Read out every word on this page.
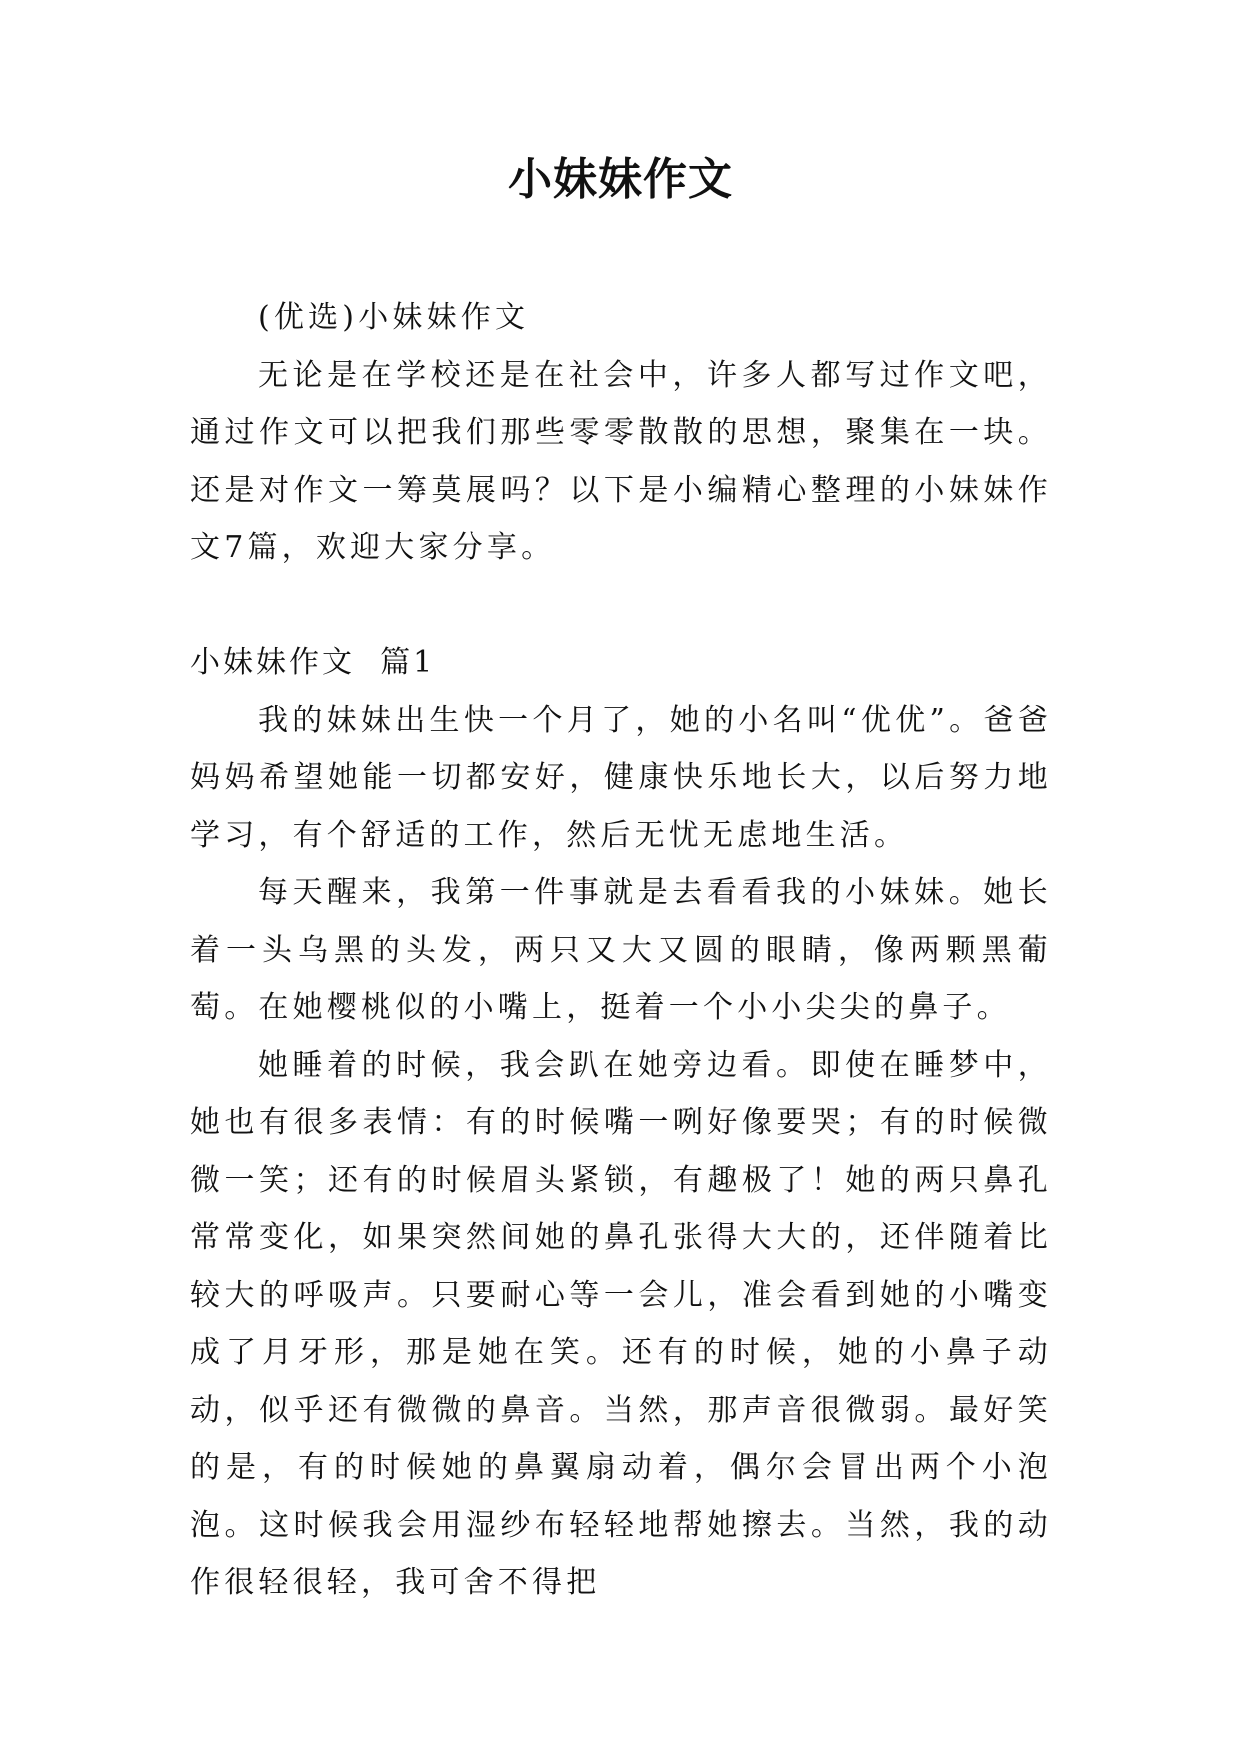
小妹妹作文

(优选)小妹妹作文

无论是在学校还是在社会中，许多人都写过作文吧，通过作文可以把我们那些零零散散的思想，聚集在一块。还是对作文一筹莫展吗？以下是小编精心整理的小妹妹作文7篇，欢迎大家分享。

小妹妹作文  篇1

我的妹妹出生快一个月了，她的小名叫“优优”。爸爸妈妈希望她能一切都安好，健康快乐地长大，以后努力地学习，有个舒适的工作，然后无忧无虑地生活。

每天醒来，我第一件事就是去看看我的小妹妹。她长着一头乌黑的头发，两只又大又圆的眼睛，像两颗黑葡萄。在她樱桃似的小嘴上，挺着一个小小尖尖的鼻子。

她睡着的时候，我会趴在她旁边看。即使在睡梦中，她也有很多表情：有的时候嘴一咧好像要哭；有的时候微微一笑；还有的时候眉头紧锁，有趣极了！她的两只鼻孔常常变化，如果突然间她的鼻孔张得大大的，还伴随着比较大的呼吸声。只要耐心等一会儿，准会看到她的小嘴变成了月牙形，那是她在笑。还有的时候，她的小鼻子动动，似乎还有微微的鼻音。当然，那声音很微弱。最好笑的是，有的时候她的鼻翼扇动着，偶尔会冒出两个小泡泡。这时候我会用湿纱布轻轻地帮她擦去。当然，我的动作很轻很轻，我可舍不得把
